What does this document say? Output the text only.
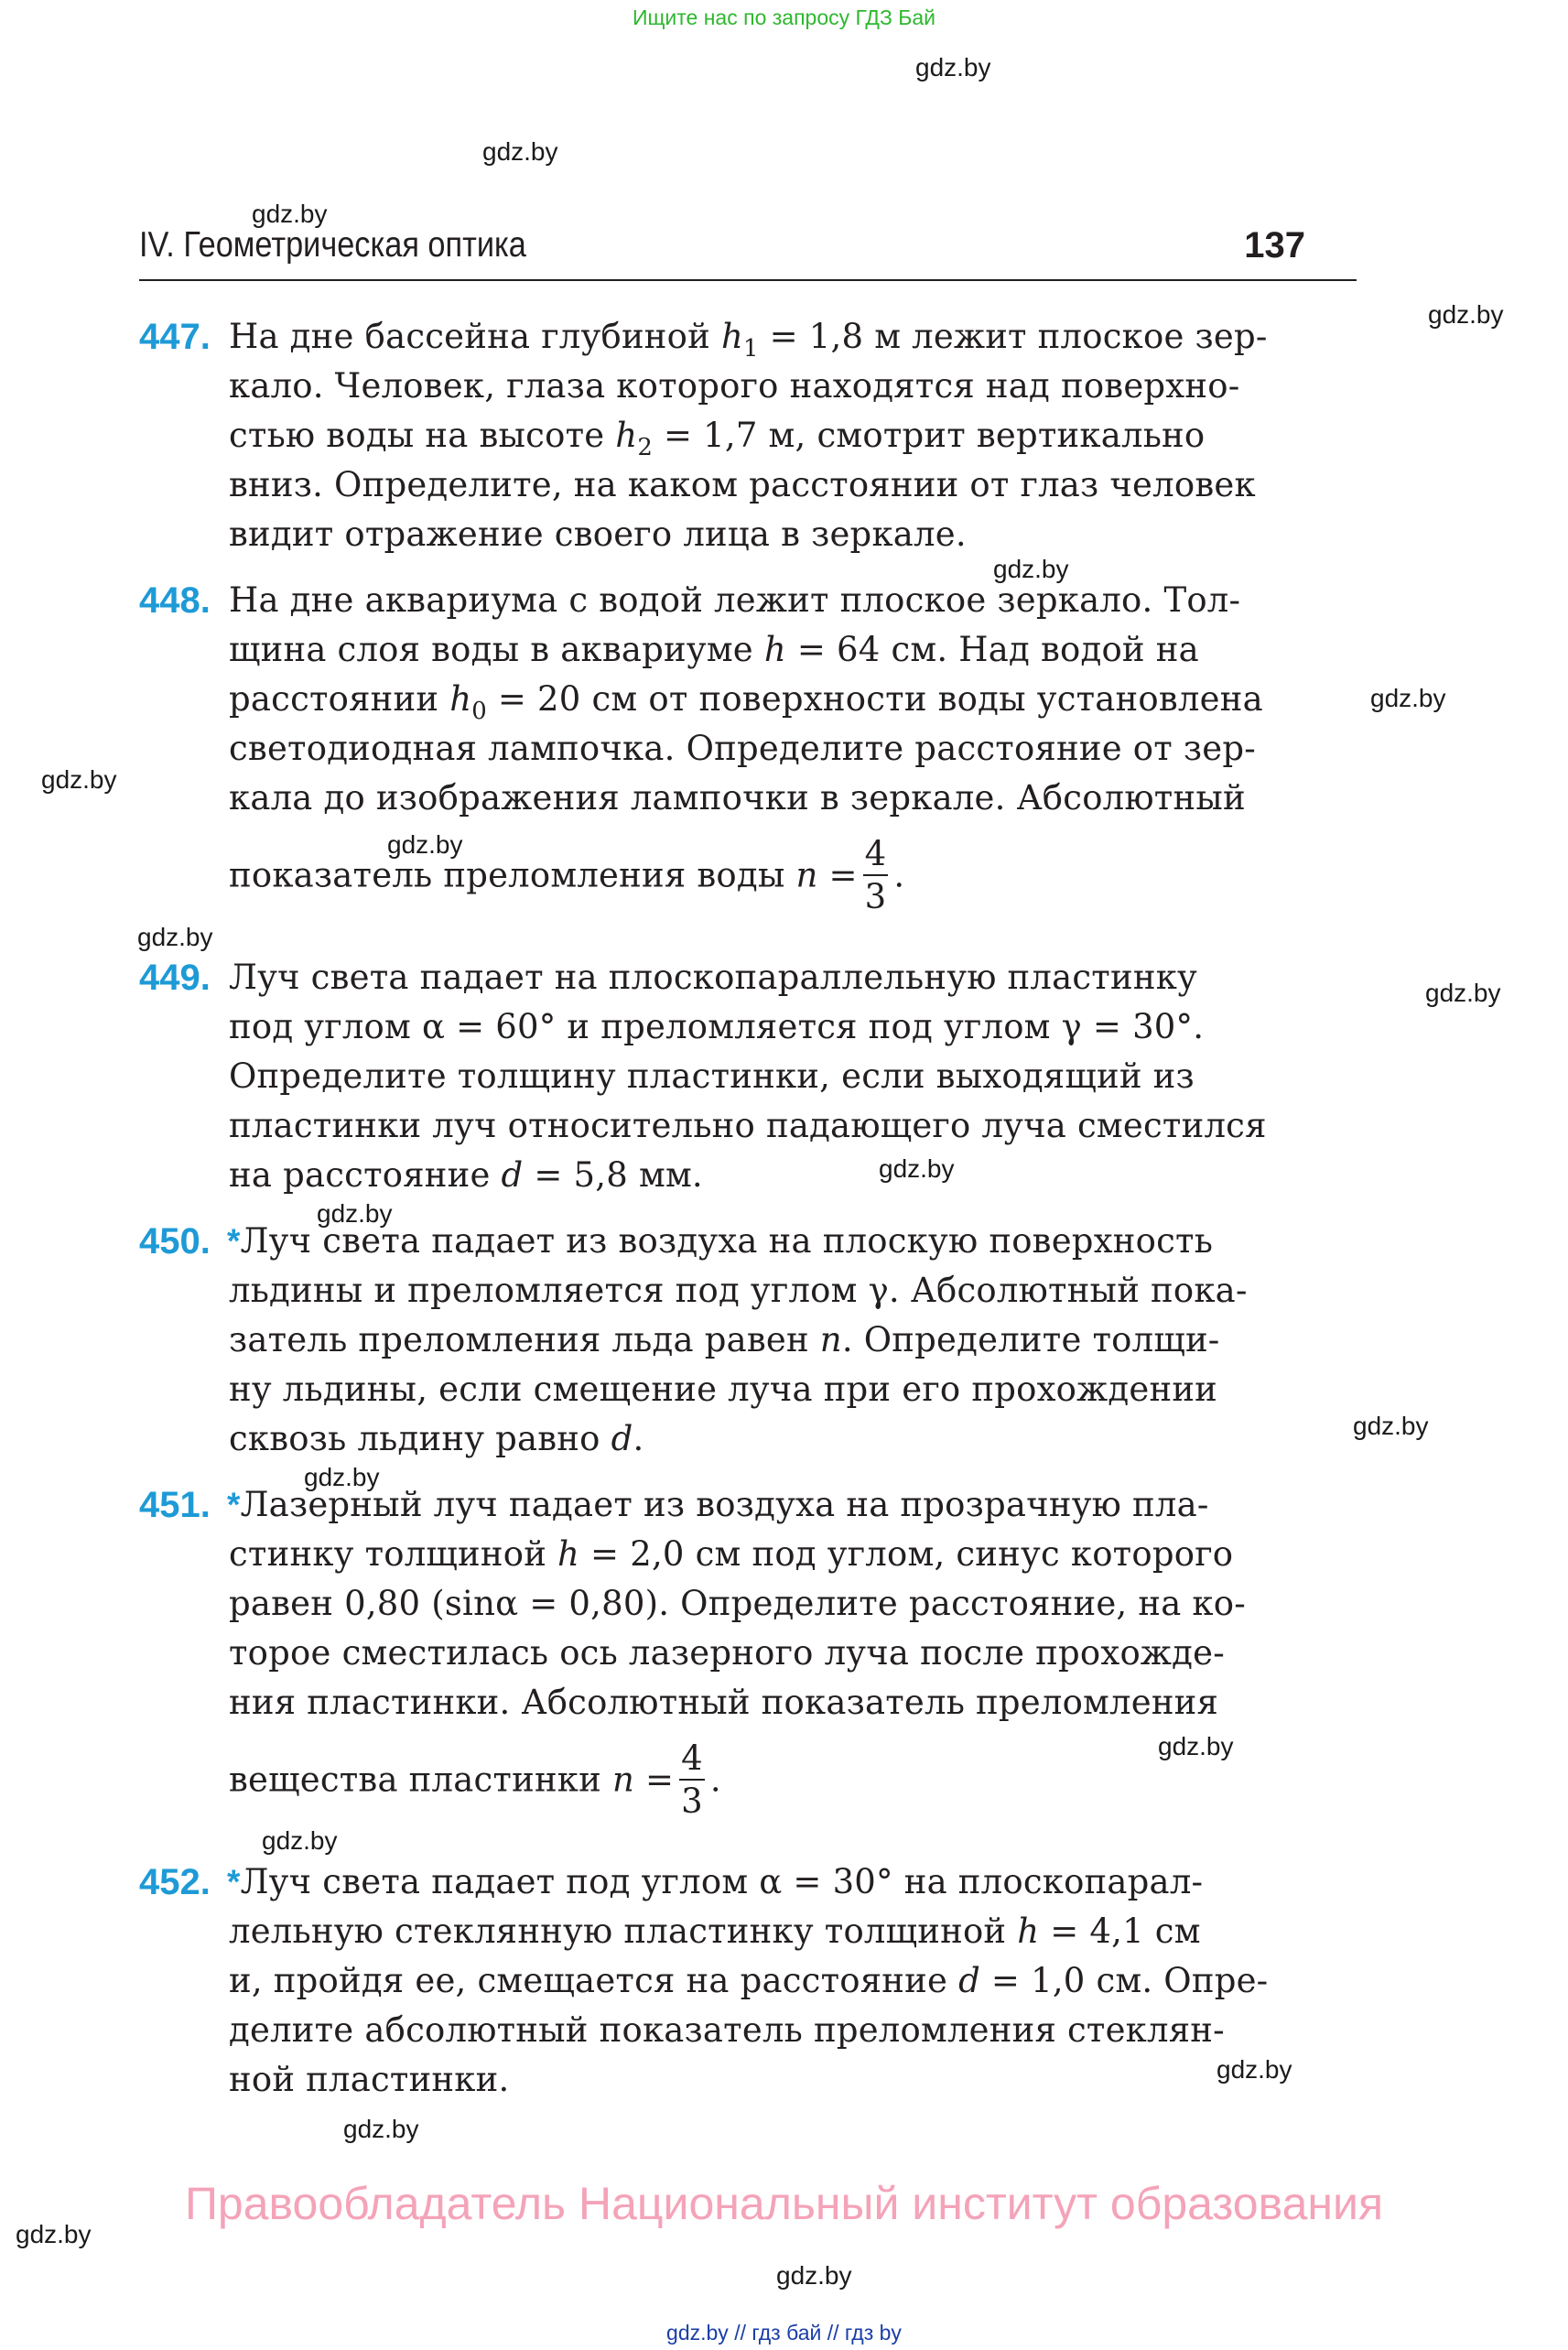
Ищите нас по запросу ГДЗ Бай
gdz.by
gdz.by
gdz.by
gdz.by
gdz.by
gdz.by
gdz.by
gdz.by
gdz.by
gdz.by
gdz.by
gdz.by
gdz.by
gdz.by
gdz.by
gdz.by
gdz.by
gdz.by
gdz.by
gdz.by
IV. Геометрическая оптика	137
447. На дне бассейна глубиной $h_1 = 1,8$ м лежит плоское зер-
кало. Человек, глаза которого находятся над поверхно-
стью воды на высоте $h_2 = 1,7$ м, смотрит вертикально
вниз. Определите, на каком расстоянии от глаз человек
видит отражение своего лица в зеркале.
448. На дне аквариума с водой лежит плоское зеркало. Тол-
щина слоя воды в аквариуме h = 64 см. Над водой на
расстоянии $h_0 = 20$ см от поверхности воды установлена
светодиодная лампочка. Определите расстояние от зер-
кала до изображения лампочки в зеркале. Абсолютный
показатель преломления воды $n = \frac{4}{3}$ .
449. Луч света падает на плоскопараллельную пластинку
под углом α = 60° и преломляется под углом γ = 30°.
Определите толщину пластинки, если выходящий из
пластинки луч относительно падающего луча сместился
на расстояние d = 5,8 мм.
450. *Луч света падает из воздуха на плоскую поверхность
льдины и преломляется под углом γ. Абсолютный пока-
затель преломления льда равен n. Определите толщи-
ну льдины, если смещение луча при его прохождении
сквозь льдину равно d.
451. *Лазерный луч падает из воздуха на прозрачную пла-
стинку толщиной h = 2,0 см под углом, синус которого
равен 0,80 (sinα = 0,80). Определите расстояние, на ко-
торое сместилась ось лазерного луча после прохожде-
ния пластинки. Абсолютный показатель преломления
вещества пластинки $n = \frac{4}{3}$ .
452. *Луч света падает под углом α = 30° на плоскопарал-
лельную стеклянную пластинку толщиной h = 4,1 см
и, пройдя ее, смещается на расстояние d = 1,0 см. Опре-
делите абсолютный показатель преломления стеклян-
ной пластинки.
Правообладатель Национальный институт образования
gdz.by // гдз бай // гдз by
